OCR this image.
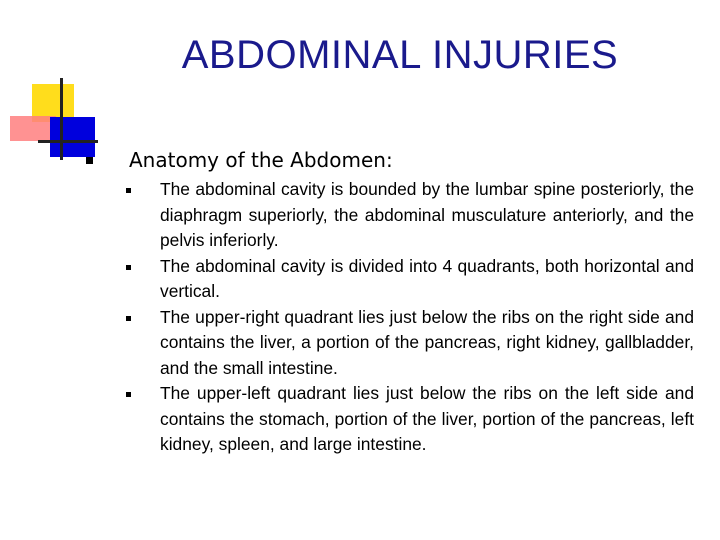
ABDOMINAL INJURIES
Anatomy of the Abdomen:
The abdominal cavity is bounded by the lumbar spine posteriorly, the diaphragm superiorly, the abdominal musculature anteriorly, and the pelvis inferiorly.
The abdominal cavity is divided into 4 quadrants, both horizontal and vertical.
The upper-right quadrant lies just below the ribs on the right side and contains the liver, a portion of the pancreas, right kidney, gallbladder, and the small intestine.
The upper-left quadrant lies just below the ribs on the left side and contains the stomach, portion of the liver, portion of the pancreas, left kidney, spleen, and large intestine.
